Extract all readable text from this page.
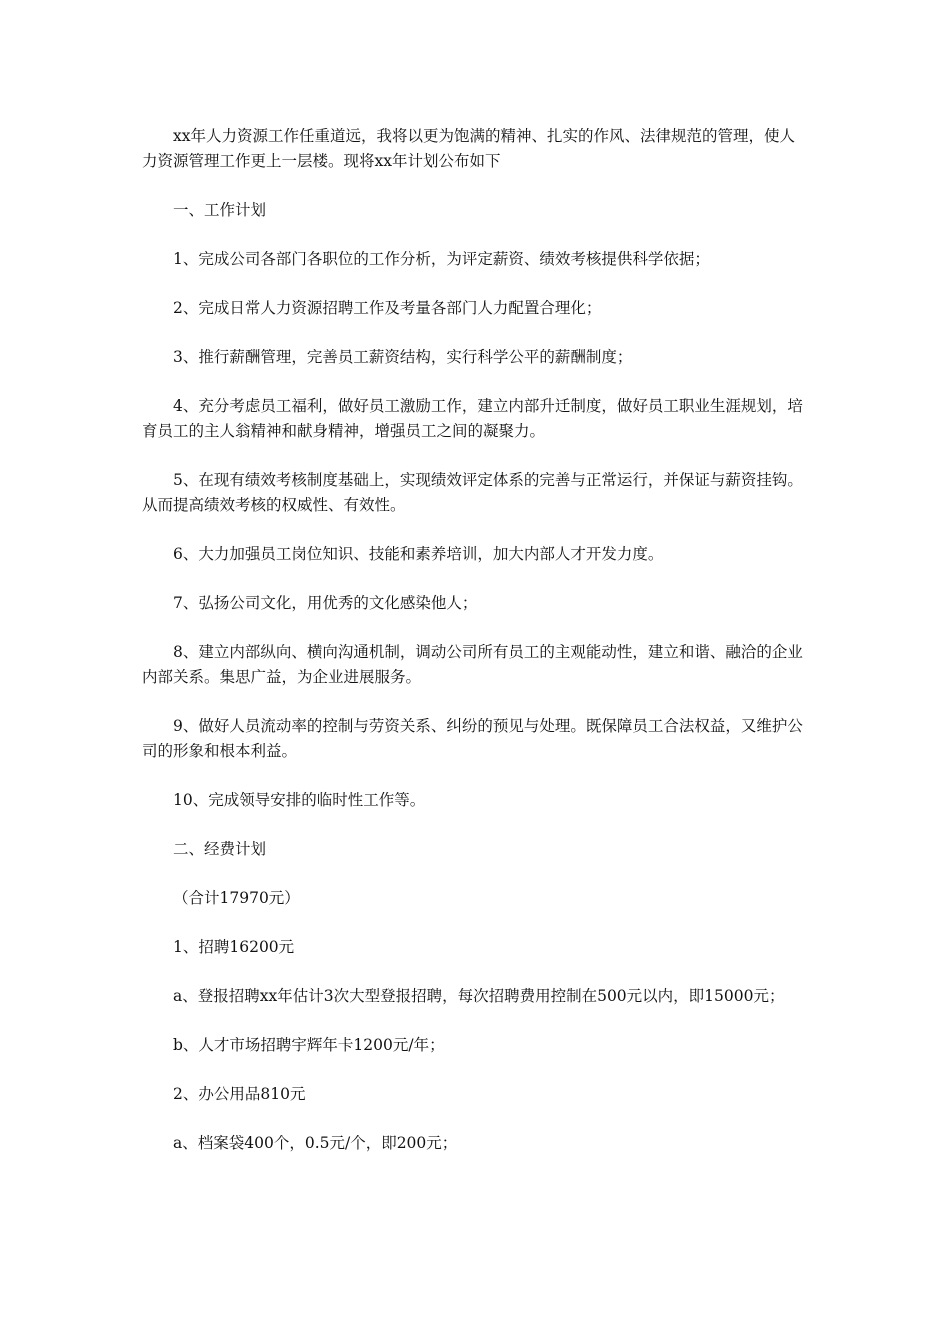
xx年人力资源工作任重道远，我将以更为饱满的精神、扎实的作风、法律规范的管理，使人力资源管理工作更上一层楼。现将xx年计划公布如下

一、工作计划

1、完成公司各部门各职位的工作分析，为评定薪资、绩效考核提供科学依据；

2、完成日常人力资源招聘工作及考量各部门人力配置合理化；

3、推行薪酬管理，完善员工薪资结构，实行科学公平的薪酬制度；

4、充分考虑员工福利，做好员工激励工作，建立内部升迁制度，做好员工职业生涯规划，培育员工的主人翁精神和献身精神，增强员工之间的凝聚力。

5、在现有绩效考核制度基础上，实现绩效评定体系的完善与正常运行，并保证与薪资挂钩。从而提高绩效考核的权威性、有效性。

6、大力加强员工岗位知识、技能和素养培训，加大内部人才开发力度。

7、弘扬公司文化，用优秀的文化感染他人；

8、建立内部纵向、横向沟通机制，调动公司所有员工的主观能动性，建立和谐、融洽的企业内部关系。集思广益，为企业进展服务。

9、做好人员流动率的控制与劳资关系、纠纷的预见与处理。既保障员工合法权益，又维护公司的形象和根本利益。

10、完成领导安排的临时性工作等。

二、经费计划

（合计17970元）

1、招聘16200元

a、登报招聘xx年估计3次大型登报招聘，每次招聘费用控制在500元以内，即15000元；

b、人才市场招聘宇辉年卡1200元/年；

2、办公用品810元

a、档案袋400个，0.5元/个，即200元；
